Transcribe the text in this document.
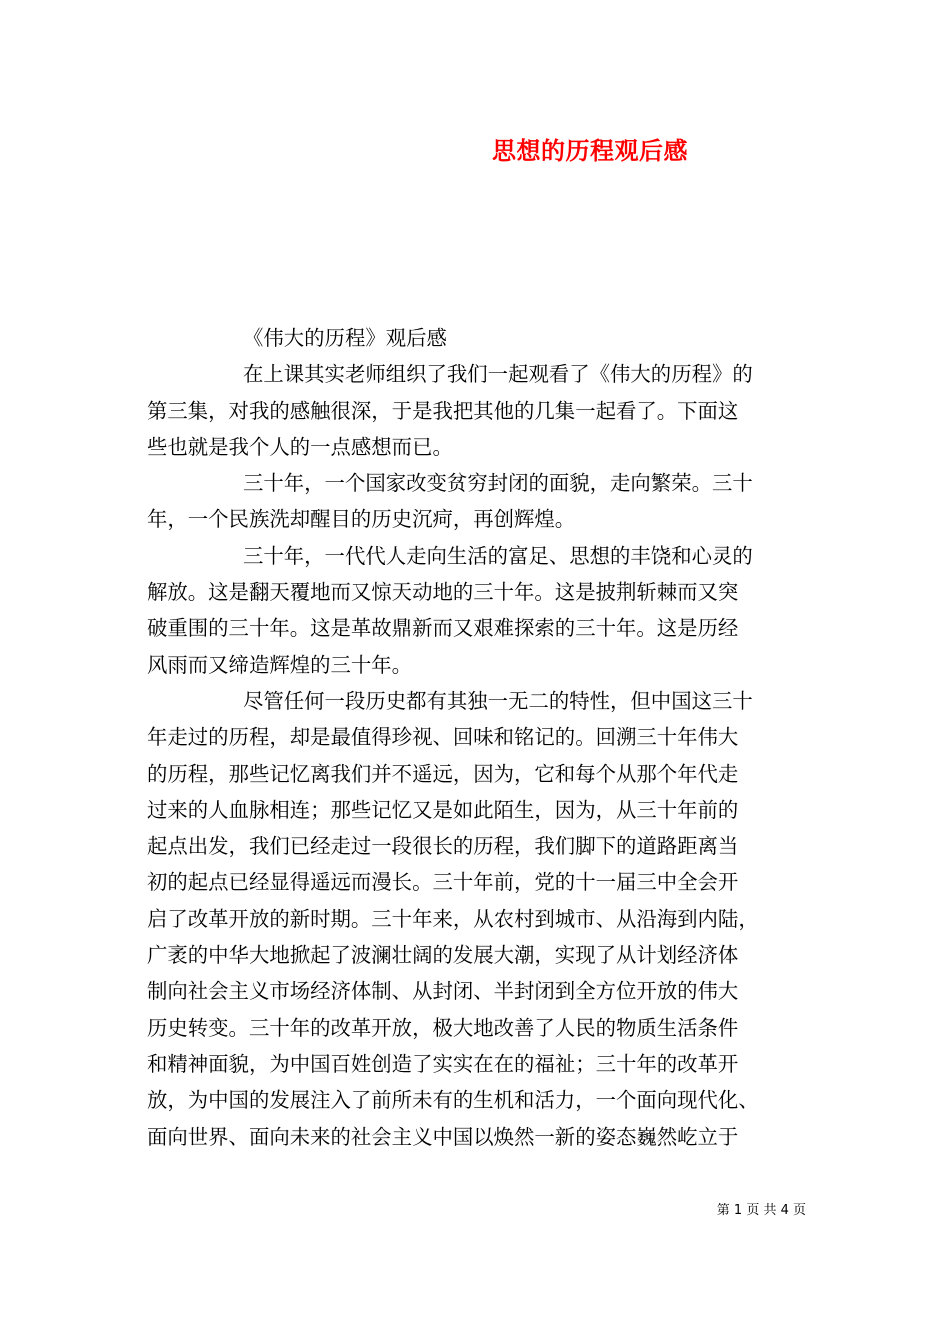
思想的历程观后感
《伟大的历程》观后感
在上课其实老师组织了我们一起观看了《伟大的历程》的
第三集，对我的感触很深，于是我把其他的几集一起看了。下面这
些也就是我个人的一点感想而已。
三十年，一个国家改变贫穷封闭的面貌，走向繁荣。三十
年，一个民族洗却醒目的历史沉疴，再创辉煌。
三十年，一代代人走向生活的富足、思想的丰饶和心灵的
解放。这是翻天覆地而又惊天动地的三十年。这是披荆斩棘而又突
破重围的三十年。这是革故鼎新而又艰难探索的三十年。这是历经
风雨而又缔造辉煌的三十年。
尽管任何一段历史都有其独一无二的特性，但中国这三十
年走过的历程，却是最值得珍视、回味和铭记的。回溯三十年伟大
的历程，那些记忆离我们并不遥远，因为，它和每个从那个年代走
过来的人血脉相连；那些记忆又是如此陌生，因为，从三十年前的
起点出发，我们已经走过一段很长的历程，我们脚下的道路距离当
初的起点已经显得遥远而漫长。三十年前，党的十一届三中全会开
启了改革开放的新时期。三十年来，从农村到城市、从沿海到内陆，
广袤的中华大地掀起了波澜壮阔的发展大潮，实现了从计划经济体
制向社会主义市场经济体制、从封闭、半封闭到全方位开放的伟大
历史转变。三十年的改革开放，极大地改善了人民的物质生活条件
和精神面貌，为中国百姓创造了实实在在的福祉；三十年的改革开
放，为中国的发展注入了前所未有的生机和活力，一个面向现代化、
面向世界、面向未来的社会主义中国以焕然一新的姿态巍然屹立于
第 1 页 共 4 页
